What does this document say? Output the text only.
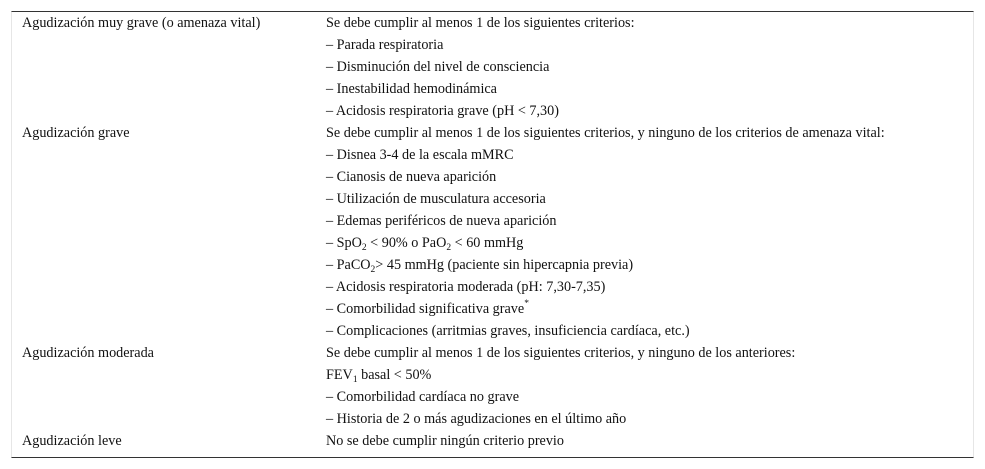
Agudización muy grave (o amenaza vital)	Se debe cumplir al menos 1 de los siguientes criterios:
– Parada respiratoria
– Disminución del nivel de consciencia
– Inestabilidad hemodinámica
– Acidosis respiratoria grave (pH < 7,30)
Agudización grave	Se debe cumplir al menos 1 de los siguientes criterios, y ninguno de los criterios de amenaza vital:
– Disnea 3-4 de la escala mMRC
– Cianosis de nueva aparición
– Utilización de musculatura accesoria
– Edemas periféricos de nueva aparición
– SpO$_2$ < 90% o PaO$_2$ < 60 mmHg
– PaCO$_2$> 45 mmHg (paciente sin hipercapnia previa)
– Acidosis respiratoria moderada (pH: 7,30-7,35)
– Comorbilidad significativa grave*
– Complicaciones (arritmias graves, insuficiencia cardíaca, etc.)
Agudización moderada	Se debe cumplir al menos 1 de los siguientes criterios, y ninguno de los anteriores:
$FEV_1$ basal < 50%
– Comorbilidad cardíaca no grave
– Historia de 2 o más agudizaciones en el último año
Agudización leve	No se debe cumplir ningún criterio previo
